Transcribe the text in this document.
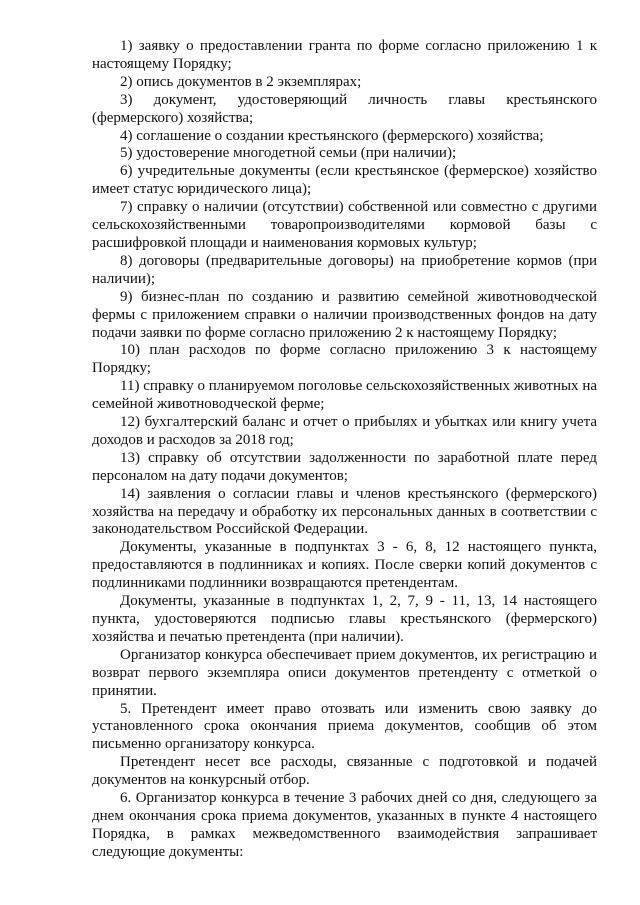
1) заявку о предоставлении гранта по форме согласно приложению 1 к настоящему Порядку;

2) опись документов в 2 экземплярах;

3) документ, удостоверяющий личность главы крестьянского (фермерского) хозяйства;

4) соглашение о создании крестьянского (фермерского) хозяйства;

5) удостоверение многодетной семьи (при наличии);

6) учредительные документы (если крестьянское (фермерское) хозяйство имеет статус юридического лица);

7) справку о наличии (отсутствии) собственной или совместно с другими сельскохозяйственными товаропроизводителями кормовой базы с расшифровкой площади и наименования кормовых культур;

8) договоры (предварительные договоры) на приобретение кормов (при наличии);

9) бизнес-план по созданию и развитию семейной животноводческой фермы с приложением справки о наличии производственных фондов на дату подачи заявки по форме согласно приложению 2 к настоящему Порядку;

10) план расходов по форме согласно приложению 3 к настоящему Порядку;

11) справку о планируемом поголовье сельскохозяйственных животных на семейной животноводческой ферме;

12) бухгалтерский баланс и отчет о прибылях и убытках или книгу учета доходов и расходов за 2018 год;

13) справку об отсутствии задолженности по заработной плате перед персоналом на дату подачи документов;

14) заявления о согласии главы и членов крестьянского (фермерского) хозяйства на передачу и обработку их персональных данных в соответствии с законодательством Российской Федерации.

Документы, указанные в подпунктах 3 - 6, 8, 12 настоящего пункта, предоставляются в подлинниках и копиях. После сверки копий документов с подлинниками подлинники возвращаются претендентам.

Документы, указанные в подпунктах 1, 2, 7, 9 - 11, 13, 14 настоящего пункта, удостоверяются подписью главы крестьянского (фермерского) хозяйства и печатью претендента (при наличии).

Организатор конкурса обеспечивает прием документов, их регистрацию и возврат первого экземпляра описи документов претенденту с отметкой о принятии.

5. Претендент имеет право отозвать или изменить свою заявку до установленного срока окончания приема документов, сообщив об этом письменно организатору конкурса.

Претендент несет все расходы, связанные с подготовкой и подачей документов на конкурсный отбор.

6. Организатор конкурса в течение 3 рабочих дней со дня, следующего за днем окончания срока приема документов, указанных в пункте 4 настоящего Порядка, в рамках межведомственного взаимодействия запрашивает следующие документы:
